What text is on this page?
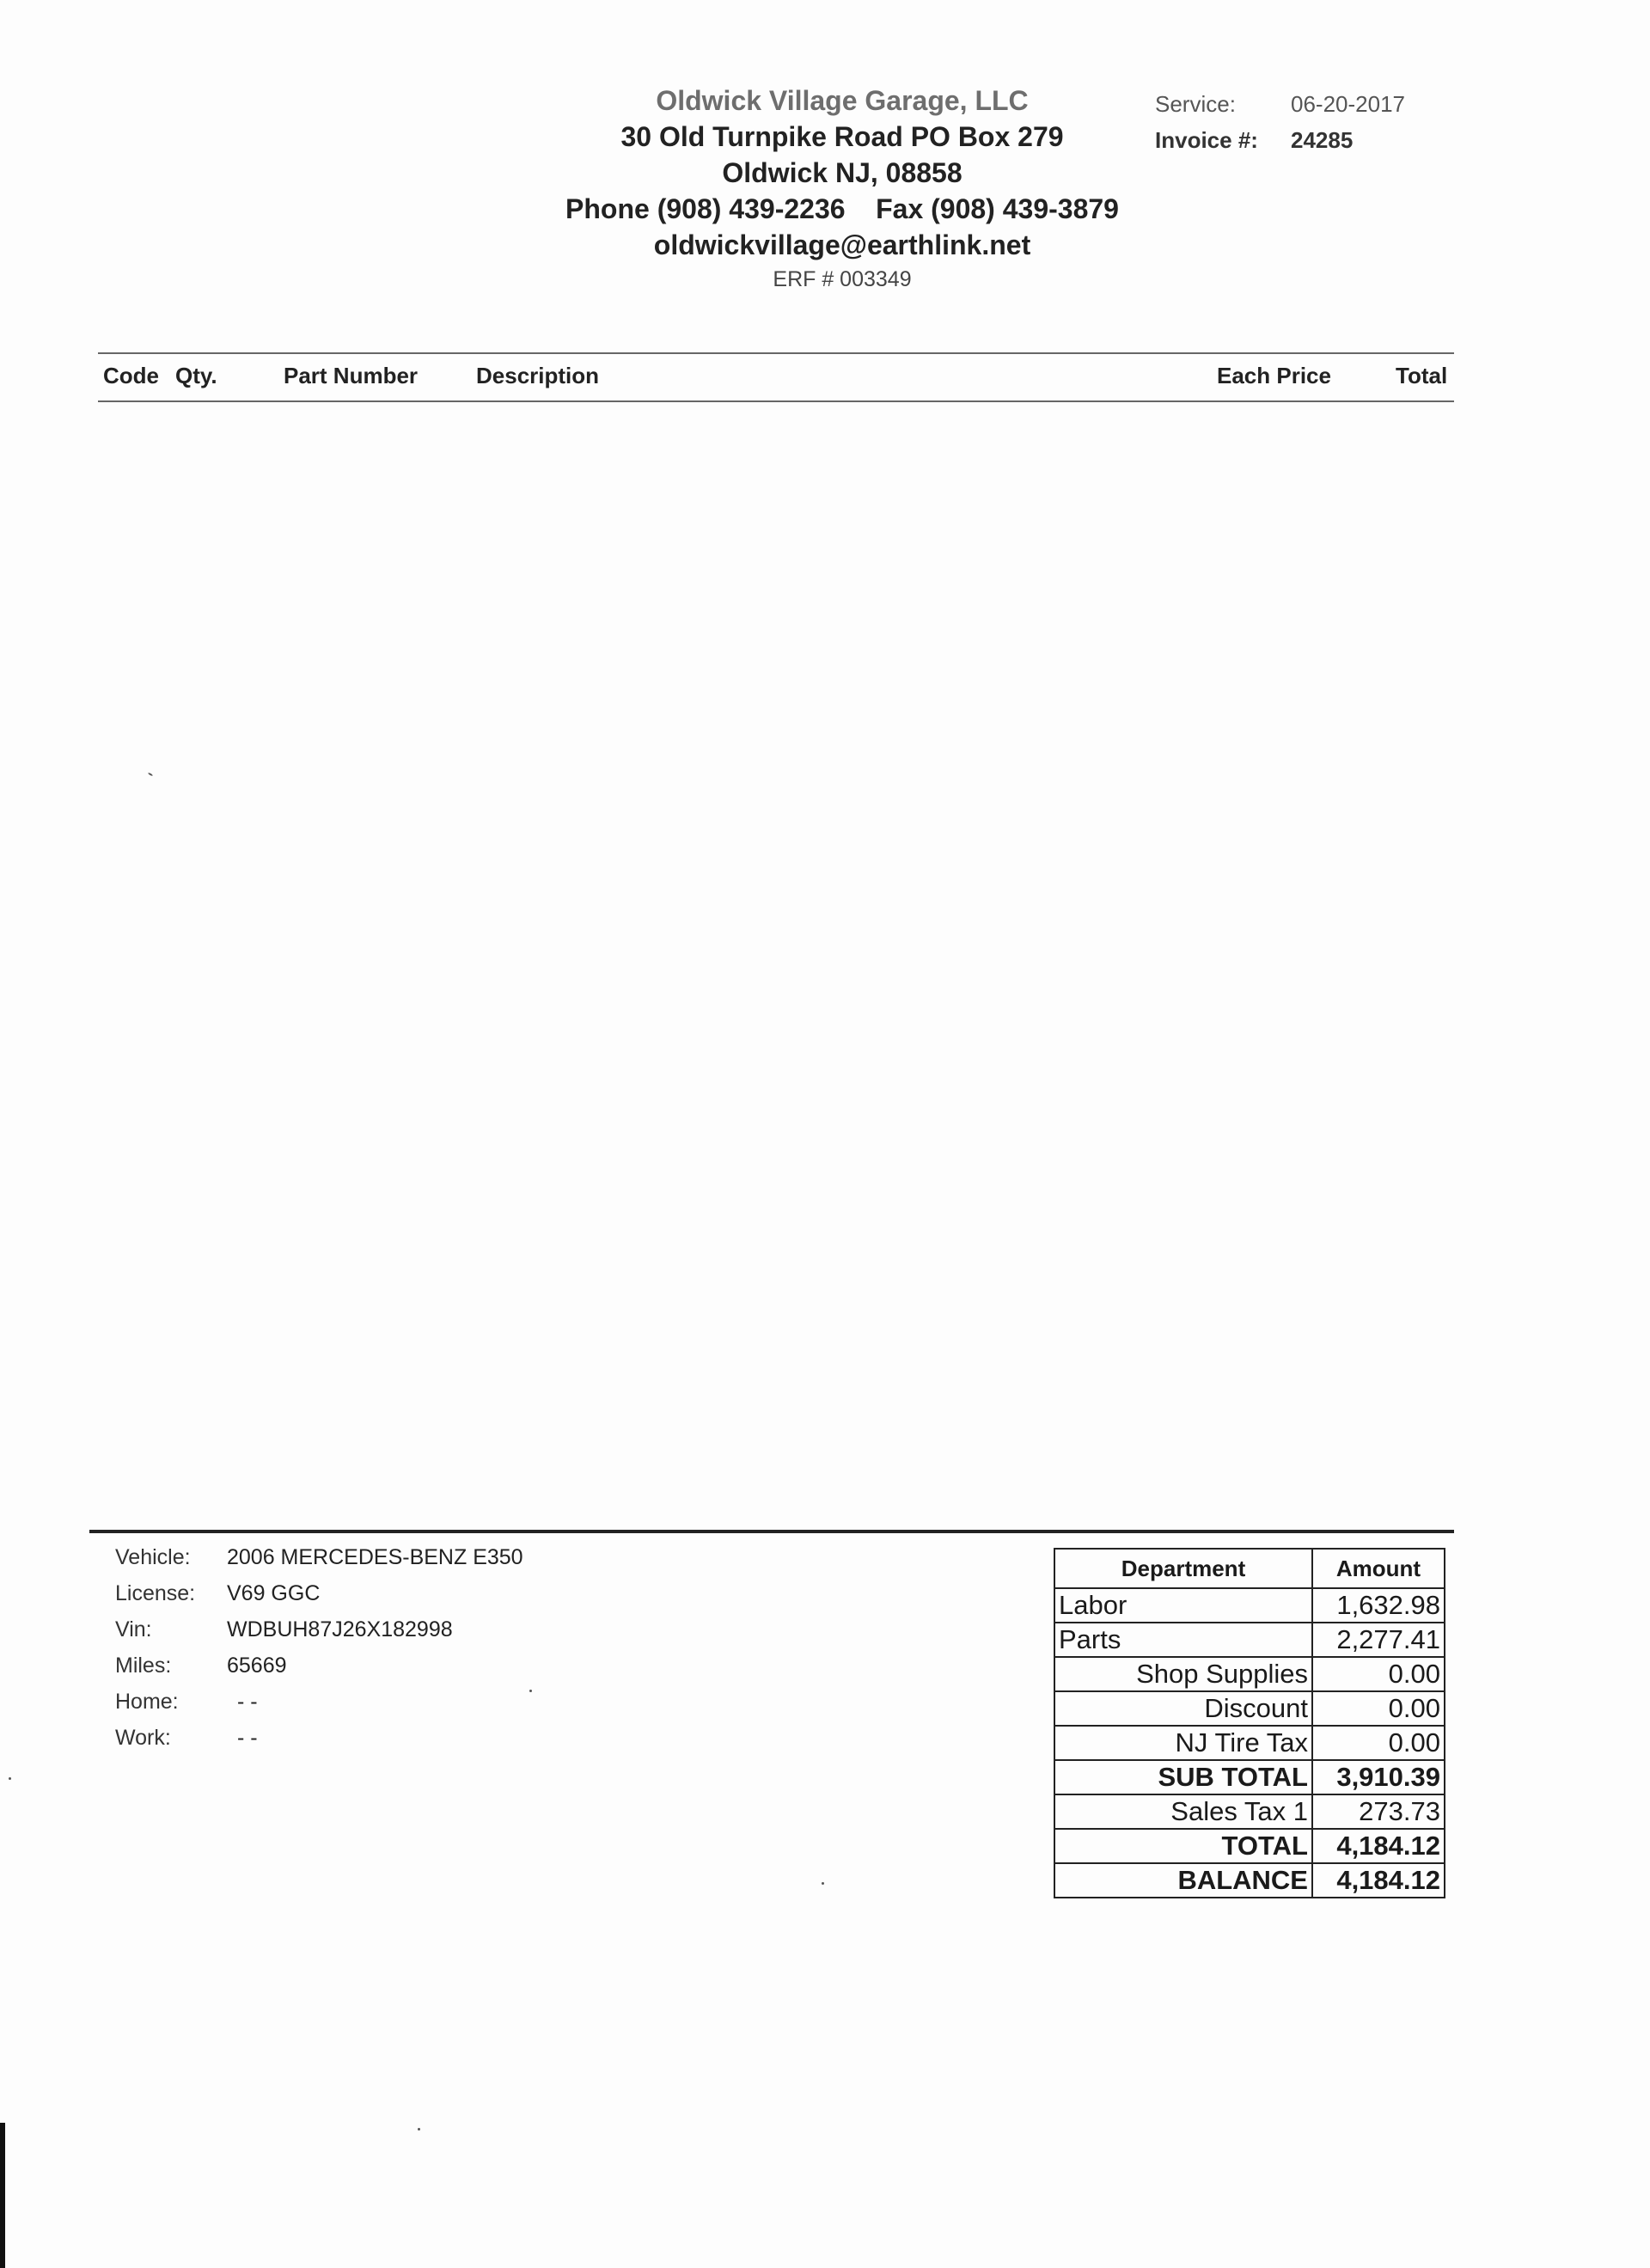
Oldwick Village Garage, LLC
30 Old Turnpike Road PO Box 279
Oldwick NJ, 08858
Phone (908) 439-2236 Fax (908) 439-3879
oldwickvillage@earthlink.net
ERF # 003349
Service: 06-20-2017
Invoice #: 24285
Code Qty.	Part Number	Description	Each Price	Total
Vehicle: 2006 MERCEDES-BENZ E350
License: V69 GGC
Vin:	WDBUH87J26X182998
Miles:	65669
Home:	- -
Work:	- -
Department	Amount
Labor	1,632.98
Parts	2,277.41
Shop Supplies	0.00
Discount	0.00
NJ Tire Tax	0.00
SUB TOTAL	3,910.39
Sales Tax 1	273.73
TOTAL	4,184.12
BALANCE	4,184.12
